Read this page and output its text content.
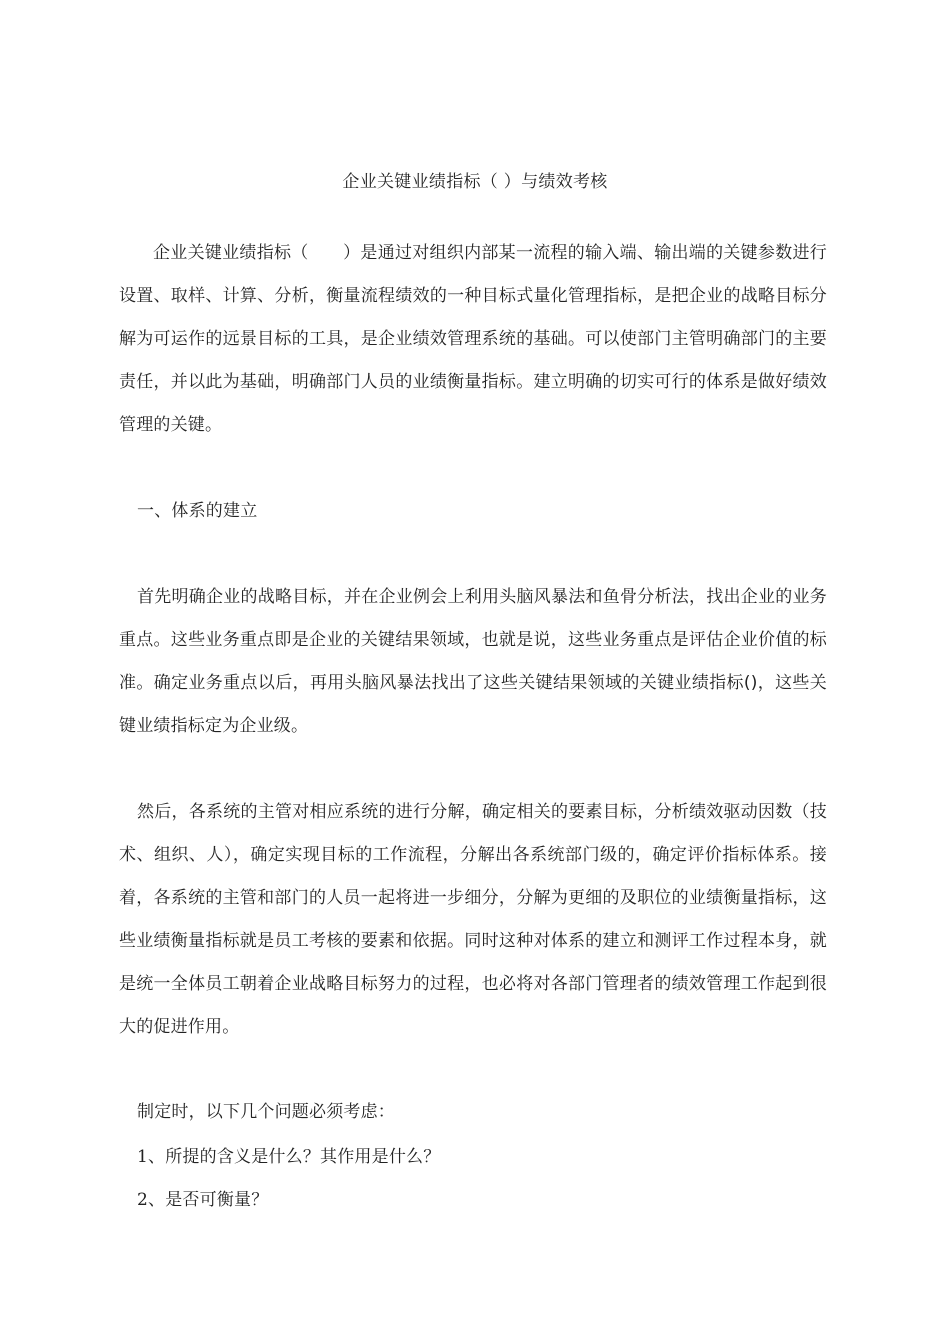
企业关键业绩指标（ ）与绩效考核

企业关键业绩指标（　　）是通过对组织内部某一流程的输入端、输出端的关键参数进行设置、取样、计算、分析，衡量流程绩效的一种目标式量化管理指标，是把企业的战略目标分解为可运作的远景目标的工具，是企业绩效管理系统的基础。可以使部门主管明确部门的主要责任，并以此为基础，明确部门人员的业绩衡量指标。建立明确的切实可行的体系是做好绩效管理的关键。

一、体系的建立

首先明确企业的战略目标，并在企业例会上利用头脑风暴法和鱼骨分析法，找出企业的业务重点。这些业务重点即是企业的关键结果领域，也就是说，这些业务重点是评估企业价值的标准。确定业务重点以后，再用头脑风暴法找出了这些关键结果领域的关键业绩指标()，这些关键业绩指标定为企业级。

然后，各系统的主管对相应系统的进行分解，确定相关的要素目标，分析绩效驱动因数（技术、组织、人），确定实现目标的工作流程，分解出各系统部门级的，确定评价指标体系。接着，各系统的主管和部门的人员一起将进一步细分，分解为更细的及职位的业绩衡量指标，这些业绩衡量指标就是员工考核的要素和依据。同时这种对体系的建立和测评工作过程本身，就是统一全体员工朝着企业战略目标努力的过程，也必将对各部门管理者的绩效管理工作起到很大的促进作用。

制定时，以下几个问题必须考虑：

1、所提的含义是什么？其作用是什么？

2、是否可衡量？
